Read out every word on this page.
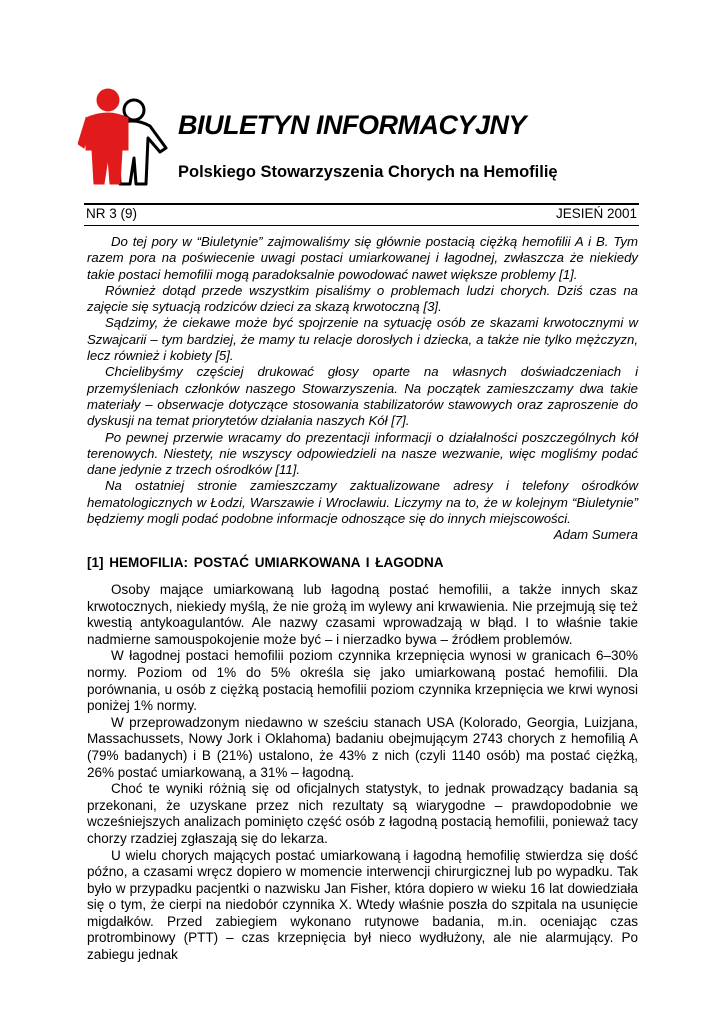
BIULETYN INFORMACYJNY
Polskiego Stowarzyszenia Chorych na Hemofilię
NR 3 (9)	JESIEŃ 2001

Do tej pory w “Biuletynie” zajmowaliśmy się głównie postacią ciężką hemofilii A i B. Tym razem pora na poświecenie uwagi postaci umiarkowanej i łagodnej, zwłaszcza że niekiedy takie postaci hemofilii mogą paradoksalnie powodować nawet większe problemy [1].

Również dotąd przede wszystkim pisaliśmy o problemach ludzi chorych. Dziś czas na zajęcie się sytuacją rodziców dzieci za skazą krwotoczną [3].

Sądzimy, że ciekawe może być spojrzenie na sytuację osób ze skazami krwotocznymi w Szwajcarii – tym bardziej, że mamy tu relacje dorosłych i dziecka, a także nie tylko mężczyzn, lecz również i kobiety [5].

Chcielibyśmy częściej drukować głosy oparte na własnych doświadczeniach i przemyśleniach członków naszego Stowarzyszenia. Na początek zamieszczamy dwa takie materiały – obserwacje dotyczące stosowania stabilizatorów stawowych oraz zaproszenie do dyskusji na temat priorytetów działania naszych Kół [7].

Po pewnej przerwie wracamy do prezentacji informacji o działalności poszczególnych kół terenowych. Niestety, nie wszyscy odpowiedzieli na nasze wezwanie, więc mogliśmy podać dane jedynie z trzech ośrodków [11].

Na ostatniej stronie zamieszczamy zaktualizowane adresy i telefony ośrodków hematologicznych w Łodzi, Warszawie i Wrocławiu. Liczymy na to, że w kolejnym “Biuletynie” będziemy mogli podać podobne informacje odnoszące się do innych miejscowości.

Adam Sumera
[1] HEMOFILIA: POSTAĆ UMIARKOWANA I ŁAGODNA

Osoby mające umiarkowaną lub łagodną postać hemofilii, a także innych skaz krwotocznych, niekiedy myślą, że nie grożą im wylewy ani krwawienia. Nie przejmują się też kwestią antykoagulantów. Ale nazwy czasami wprowadzają w błąd. I to właśnie takie nadmierne samouspokojenie może być – i nierzadko bywa – źródłem problemów.

W łagodnej postaci hemofilii poziom czynnika krzepnięcia wynosi w granicach 6–30% normy. Poziom od 1% do 5% określa się jako umiarkowaną postać hemofilii. Dla porównania, u osób z ciężką postacią hemofilii poziom czynnika krzepnięcia we krwi wynosi poniżej 1% normy.

W przeprowadzonym niedawno w sześciu stanach USA (Kolorado, Georgia, Luizjana, Massachussets, Nowy Jork i Oklahoma) badaniu obejmującym 2743 chorych z hemofilią A (79% badanych) i B (21%) ustalono, że 43% z nich (czyli 1140 osób) ma postać ciężką, 26% postać umiarkowaną, a 31% – łagodną.

Choć te wyniki różnią się od oficjalnych statystyk, to jednak prowadzący badania są przekonani, że uzyskane przez nich rezultaty są wiarygodne – prawdopodobnie we wcześniejszych analizach pominięto część osób z łagodną postacią hemofilii, ponieważ tacy chorzy rzadziej zgłaszają się do lekarza.

U wielu chorych mających postać umiarkowaną i łagodną hemofilię stwierdza się dość późno, a czasami wręcz dopiero w momencie interwencji chirurgicznej lub po wypadku. Tak było w przypadku pacjentki o nazwisku Jan Fisher, która dopiero w wieku 16 lat dowiedziała się o tym, że cierpi na niedobór czynnika X. Wtedy właśnie poszła do szpitala na usunięcie migdałków. Przed zabiegiem wykonano rutynowe badania, m.in. oceniając czas protrombinowy (PTT) – czas krzepnięcia był nieco wydłużony, ale nie alarmujący. Po zabiegu jednak
